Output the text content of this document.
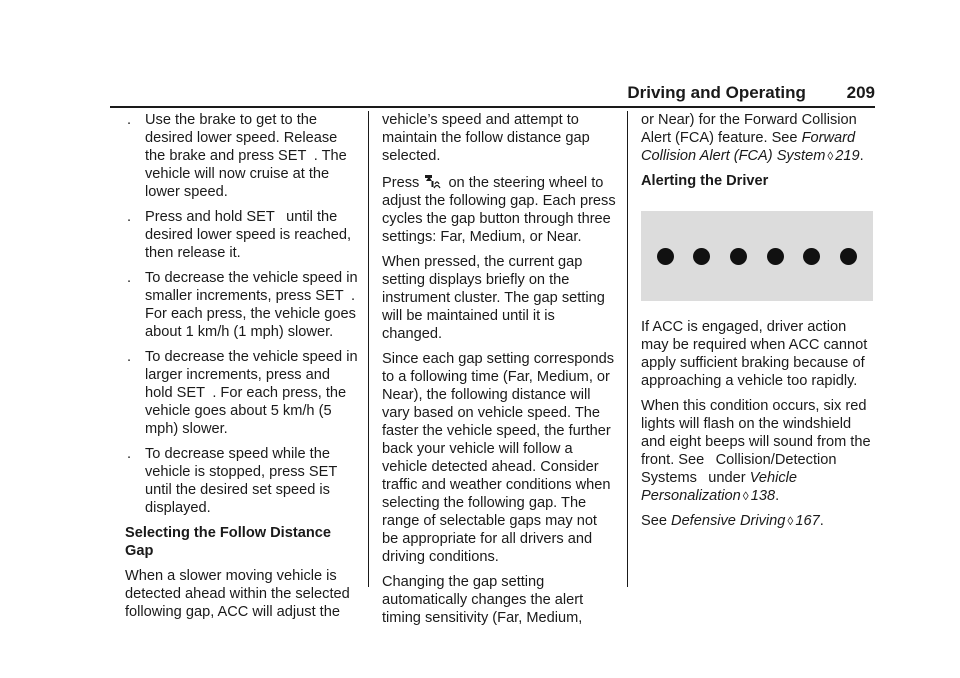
Driving and Operating 209
. Use the brake to get to the desired lower speed. Release the brake and press SET . The vehicle will now cruise at the lower speed.
. Press and hold SET  until the desired lower speed is reached, then release it.
. To decrease the vehicle speed in smaller increments, press SET . For each press, the vehicle goes about 1 km/h (1 mph) slower.
. To decrease the vehicle speed in larger increments, press and hold SET . For each press, the vehicle goes about 5 km/h (5 mph) slower.
. To decrease speed while the vehicle is stopped, press SET until the desired set speed is displayed.

Selecting the Follow Distance Gap

When a slower moving vehicle is detected ahead within the selected following gap, ACC will adjust the

vehicle’s speed and attempt to maintain the follow distance gap selected.

Press on the steering wheel to adjust the following gap. Each press cycles the gap button through three settings: Far, Medium, or Near.

When pressed, the current gap setting displays briefly on the instrument cluster. The gap setting will be maintained until it is changed.

Since each gap setting corresponds to a following time (Far, Medium, or Near), the following distance will vary based on vehicle speed. The faster the vehicle speed, the further back your vehicle will follow a vehicle detected ahead. Consider traffic and weather conditions when selecting the following gap. The range of selectable gaps may not be appropriate for all drivers and driving conditions.

Changing the gap setting automatically changes the alert timing sensitivity (Far, Medium,

or Near) for the Forward Collision Alert (FCA) feature. See Forward Collision Alert (FCA) System ◊ 219.

Alerting the Driver

If ACC is engaged, driver action may be required when ACC cannot apply sufficient braking because of approaching a vehicle too rapidly.

When this condition occurs, six red lights will flash on the windshield and eight beeps will sound from the front. See  Collision/Detection Systems  under Vehicle Personalization ◊ 138.

See Defensive Driving ◊ 167.
